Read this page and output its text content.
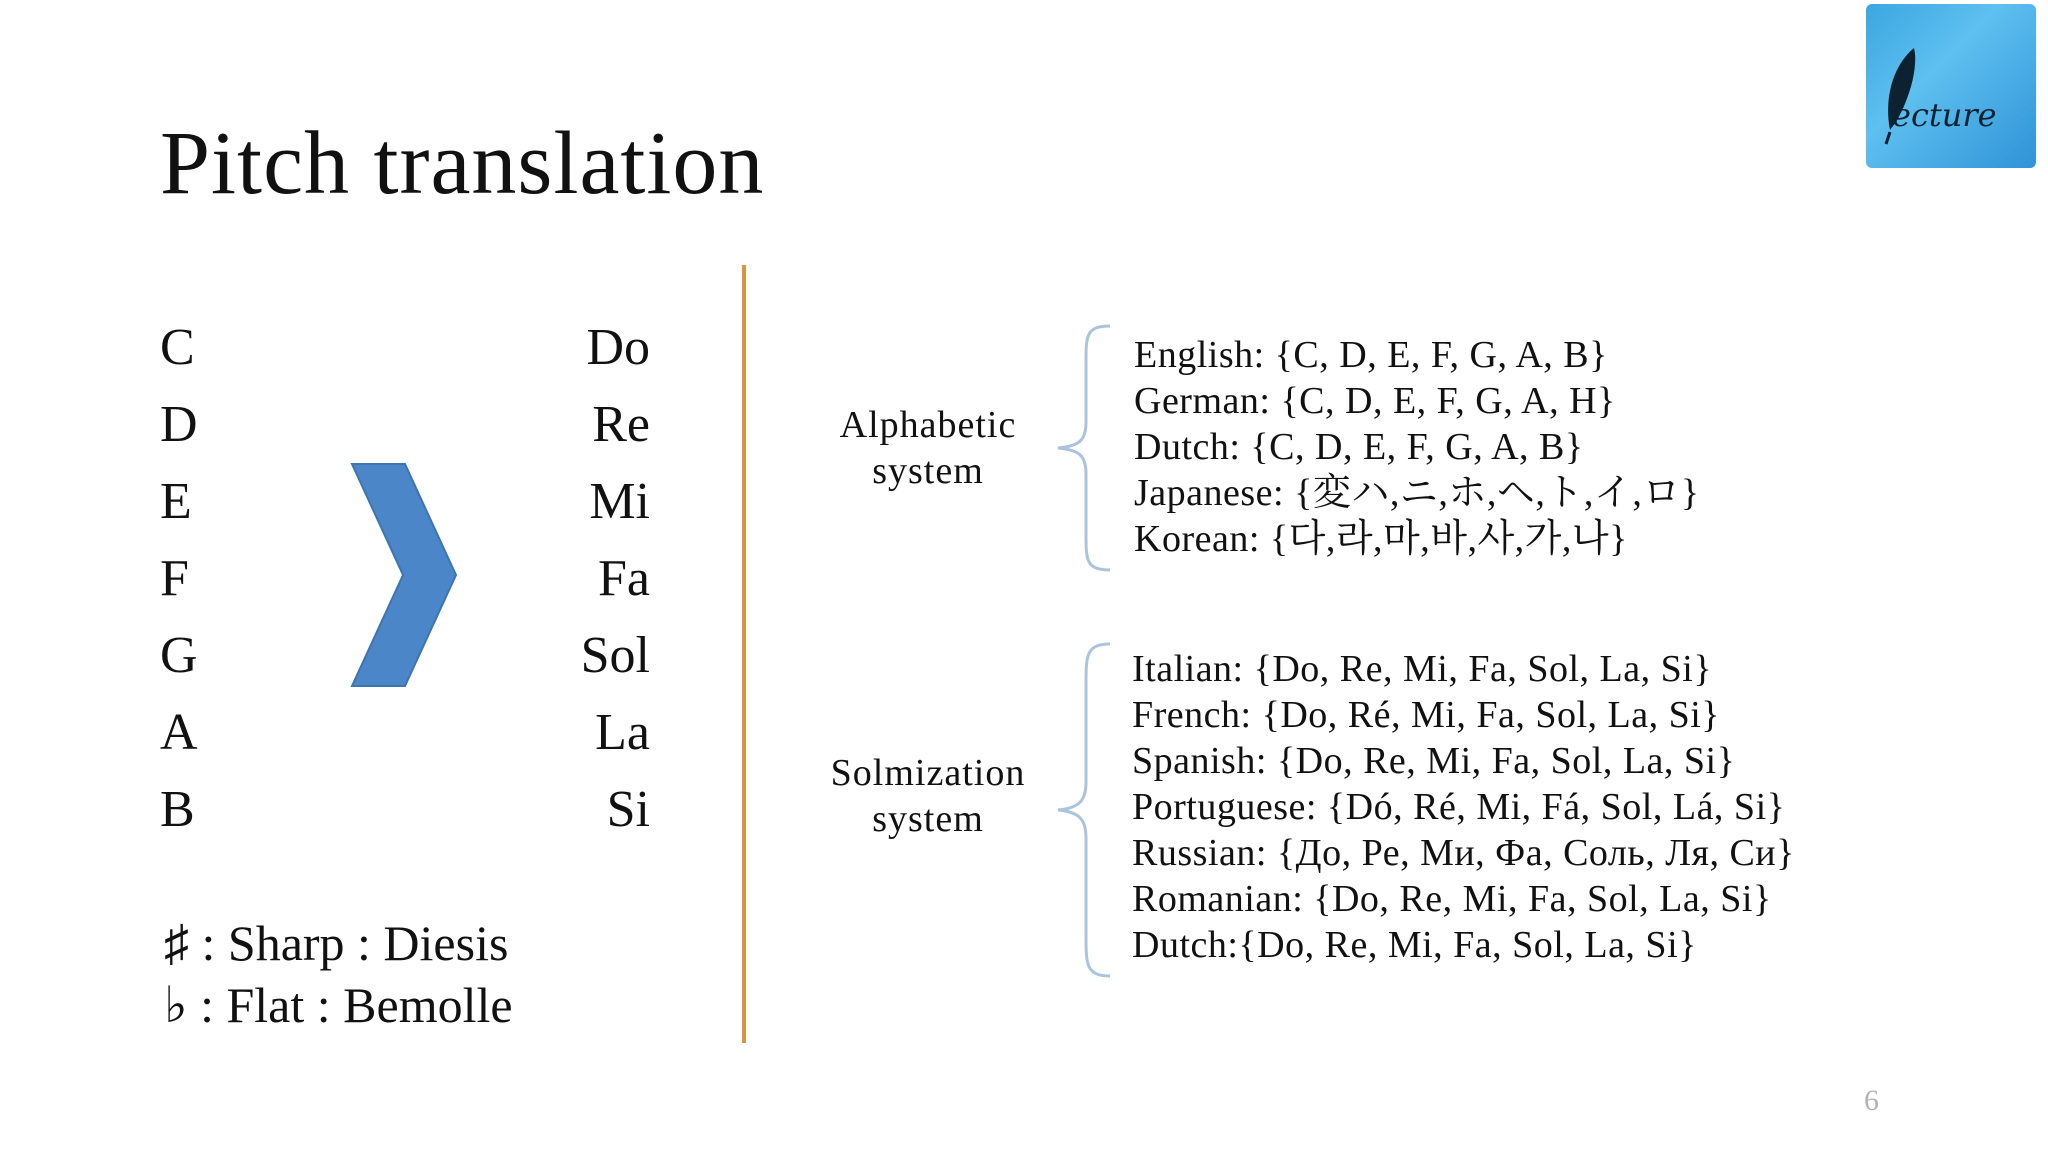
Pitch translation	ecture
C
D
E
F
G
A
B
Do
Re
Mi
Fa
Sol
La
Si
♯ : Sharp : Diesis
♭ : Flat : Bemolle
Alphabetic
system
English: {C, D, E, F, G, A, B}
German: {C, D, E, F, G, A, H}
Dutch: {C, D, E, F, G, A, B}
Japanese: {変ハ,ニ,ホ,ヘ,ト,イ,ロ}
Korean: {다,라,마,바,사,가,나}
Solmization
system
Italian: {Do, Re, Mi, Fa, Sol, La, Si}
French: {Do, Ré, Mi, Fa, Sol, La, Si}
Spanish: {Do, Re, Mi, Fa, Sol, La, Si}
Portuguese: {Dó, Ré, Mi, Fá, Sol, Lá, Si}
Russian: {До, Ре, Ми, Фа, Соль, Ля, Си}
Romanian: {Do, Re, Mi, Fa, Sol, La, Si}
Dutch:{Do, Re, Mi, Fa, Sol, La, Si}
6
